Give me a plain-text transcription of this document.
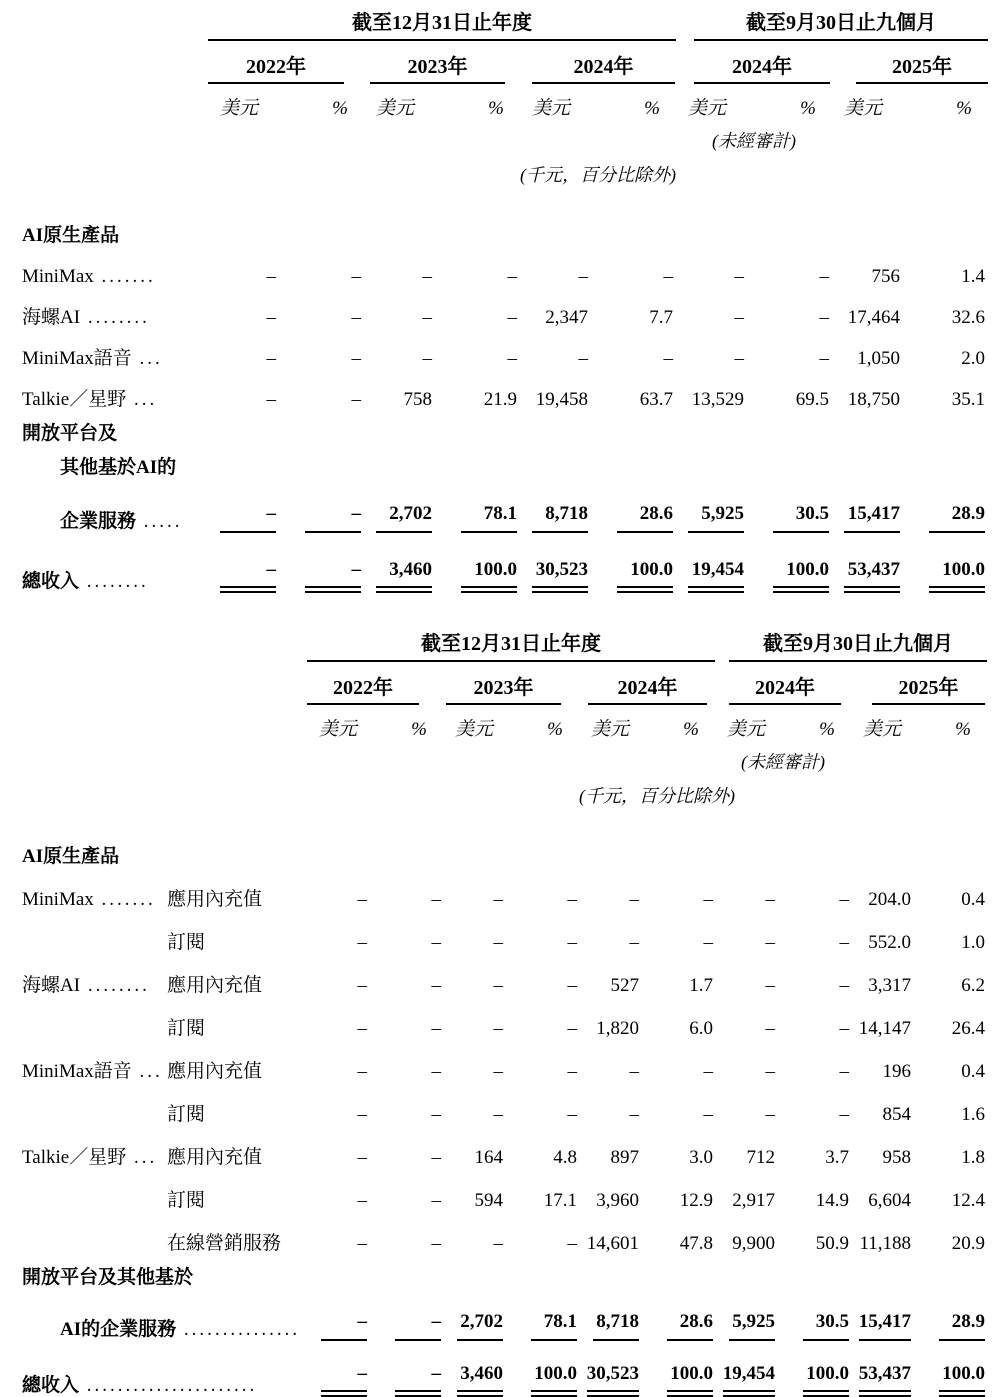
	截至12月31日止年度						截至9月30日止九個月			

	2022年		2023年		2024年		2024年		2025年	

	美元	%	美元	%	美元	%	美元	%	美元	%
							(未經審計)			
					(千元，百分比除外)					
AI原生產品										
MiniMax .......	–	–	–	–	–	–	–	–	756	1.4
海螺AI ........	–	–	–	–	2,347	7.7	–	–	17,464	32.6
MiniMax語音 ...	–	–	–	–	–	–	–	–	1,050	2.0
Talkie／星野 ...	–	–	758	21.9	19,458	63.7	13,529	69.5	18,750	35.1
開放平台及										
其他基於AI的										
企業服務 .....	–	–	2,702	78.1	8,718	28.6	5,925	30.5	15,417	28.9
總收入 ........	–	–	3,460	100.0	30,523	100.0	19,454	100.0	53,437	100.0

		截至12月31日止年度						截至9月30日止九個月			

		2022年		2023年		2024年		2024年		2025年	

		美元	%	美元	%	美元	%	美元	%	美元	%
								(未經審計)			
						(千元，百分比除外)					
AI原生產品											
MiniMax .......	應用內充值	–	–	–	–	–	–	–	–	204.0	0.4
	訂閱	–	–	–	–	–	–	–	–	552.0	1.0
海螺AI ........	應用內充值	–	–	–	–	527	1.7	–	–	3,317	6.2
	訂閱	–	–	–	–	1,820	6.0	–	–	14,147	26.4
MiniMax語音 ...	應用內充值	–	–	–	–	–	–	–	–	196	0.4
	訂閱	–	–	–	–	–	–	–	–	854	1.6
Talkie／星野 ...	應用內充值	–	–	164	4.8	897	3.0	712	3.7	958	1.8
	訂閱	–	–	594	17.1	3,960	12.9	2,917	14.9	6,604	12.4
	在線營銷服務	–	–	–	–	14,601	47.8	9,900	50.9	11,188	20.9
開放平台及其他基於											
AI的企業服務 ...............		–	–	2,702	78.1	8,718	28.6	5,925	30.5	15,417	28.9
總收入 ......................		–	–	3,460	100.0	30,523	100.0	19,454	100.0	53,437	100.0
